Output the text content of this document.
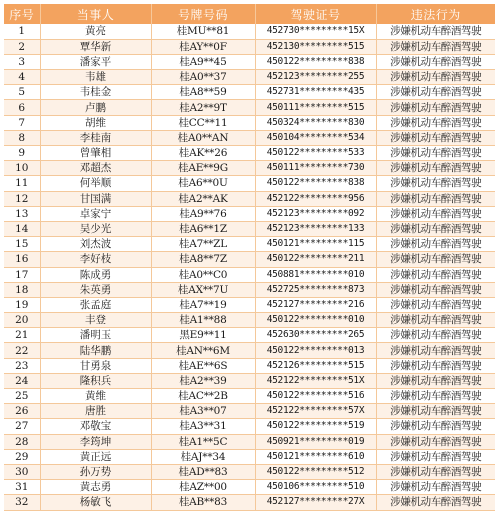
序号	当事人	号牌号码	驾驶证号	违法行为
1	黄亮	桂MU**81	452730*********15X	涉嫌机动车醉酒驾驶
2	覃华新	桂AY**0F	452130*********515	涉嫌机动车醉酒驾驶
3	潘家平	桂A9**45	450122*********838	涉嫌机动车醉酒驾驶
4	韦雄	桂A0**37	452123*********255	涉嫌机动车醉酒驾驶
5	韦桂金	桂A8**59	452731*********435	涉嫌机动车醉酒驾驶
6	卢鹏	桂A2**9T	450111*********515	涉嫌机动车醉酒驾驶
7	胡维	桂CC**11	450324*********830	涉嫌机动车醉酒驾驶
8	李桂南	桂A0**AN	450104*********534	涉嫌机动车醉酒驾驶
9	曾肇相	桂AK**26	450122*********533	涉嫌机动车醉酒驾驶
10	邓超杰	桂AE**9G	450111*********730	涉嫌机动车醉酒驾驶
11	何举顺	桂A6**0U	450122*********838	涉嫌机动车醉酒驾驶
12	甘国满	桂A2**AK	452122*********956	涉嫌机动车醉酒驾驶
13	卓家宁	桂A9**76	452123*********092	涉嫌机动车醉酒驾驶
14	吴少光	桂A6**1Z	452123*********133	涉嫌机动车醉酒驾驶
15	刘杰波	桂A7**ZL	450121*********115	涉嫌机动车醉酒驾驶
16	李好枝	桂A8**7Z	450122*********211	涉嫌机动车醉酒驾驶
17	陈成勇	桂A0**C0	450881*********010	涉嫌机动车醉酒驾驶
18	朱英勇	桂AX**7U	452725*********873	涉嫌机动车醉酒驾驶
19	张孟庭	桂A7**19	452127*********216	涉嫌机动车醉酒驾驶
20	丰登	桂A1**88	450122*********010	涉嫌机动车醉酒驾驶
21	潘明玉	黑E9**11	452630*********265	涉嫌机动车醉酒驾驶
22	陆华鹏	桂AN**6M	450122*********013	涉嫌机动车醉酒驾驶
23	甘勇泉	桂AE**6S	452126*********515	涉嫌机动车醉酒驾驶
24	隆积兵	桂A2**39	452122*********51X	涉嫌机动车醉酒驾驶
25	黄维	桂AC**2B	450122*********516	涉嫌机动车醉酒驾驶
26	唐胜	桂A3**07	452122*********57X	涉嫌机动车醉酒驾驶
27	邓敬宝	桂A3**31	450122*********519	涉嫌机动车醉酒驾驶
28	李筠坤	桂A1**5C	450921*********019	涉嫌机动车醉酒驾驶
29	黄正远	桂AJ**34	450121*********610	涉嫌机动车醉酒驾驶
30	孙万势	桂AD**83	450122*********512	涉嫌机动车醉酒驾驶
31	黄志勇	桂AZ**00	450106*********510	涉嫌机动车醉酒驾驶
32	杨敏飞	桂AB**83	452127*********27X	涉嫌机动车醉酒驾驶
